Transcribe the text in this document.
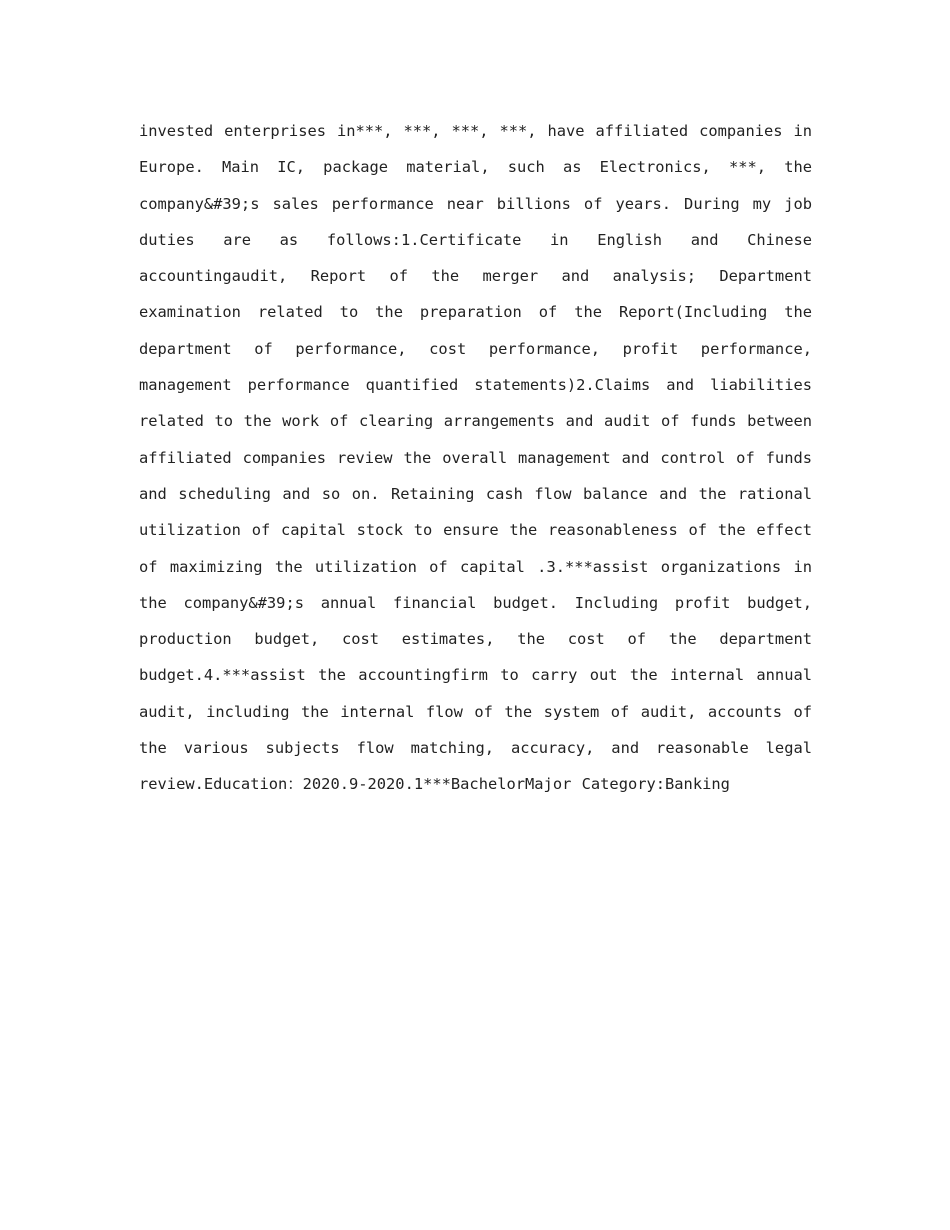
invested enterprises in***, ***, ***, ***, have affiliated companies in
Europe. Main IC, package material, such as Electronics, ***, the
company&#39;s sales performance near billions of years. During my job
duties are as follows:1.Certificate in English and Chinese
accountingaudit, Report of the merger and analysis; Department
examination related to the preparation of the Report(Including the
department of performance, cost performance, profit performance,
management performance quantified statements)2.Claims and liabilities
related to the work of clearing arrangements and audit of funds between
affiliated companies review the overall management and control of funds
and scheduling and so on. Retaining cash flow balance and the rational
utilization of capital stock to ensure the reasonableness of the effect
of maximizing the utilization of capital .3.***assist organizations in
the company&#39;s annual financial budget. Including profit budget,
production budget, cost estimates, the cost of the department
budget.4.***assist the accountingfirm to carry out the internal annual
audit, including the internal flow of the system of audit, accounts of
the various subjects flow matching, accuracy, and reasonable legal
review.Education：2020.9-2020.1***BachelorMajor Category:Banking
